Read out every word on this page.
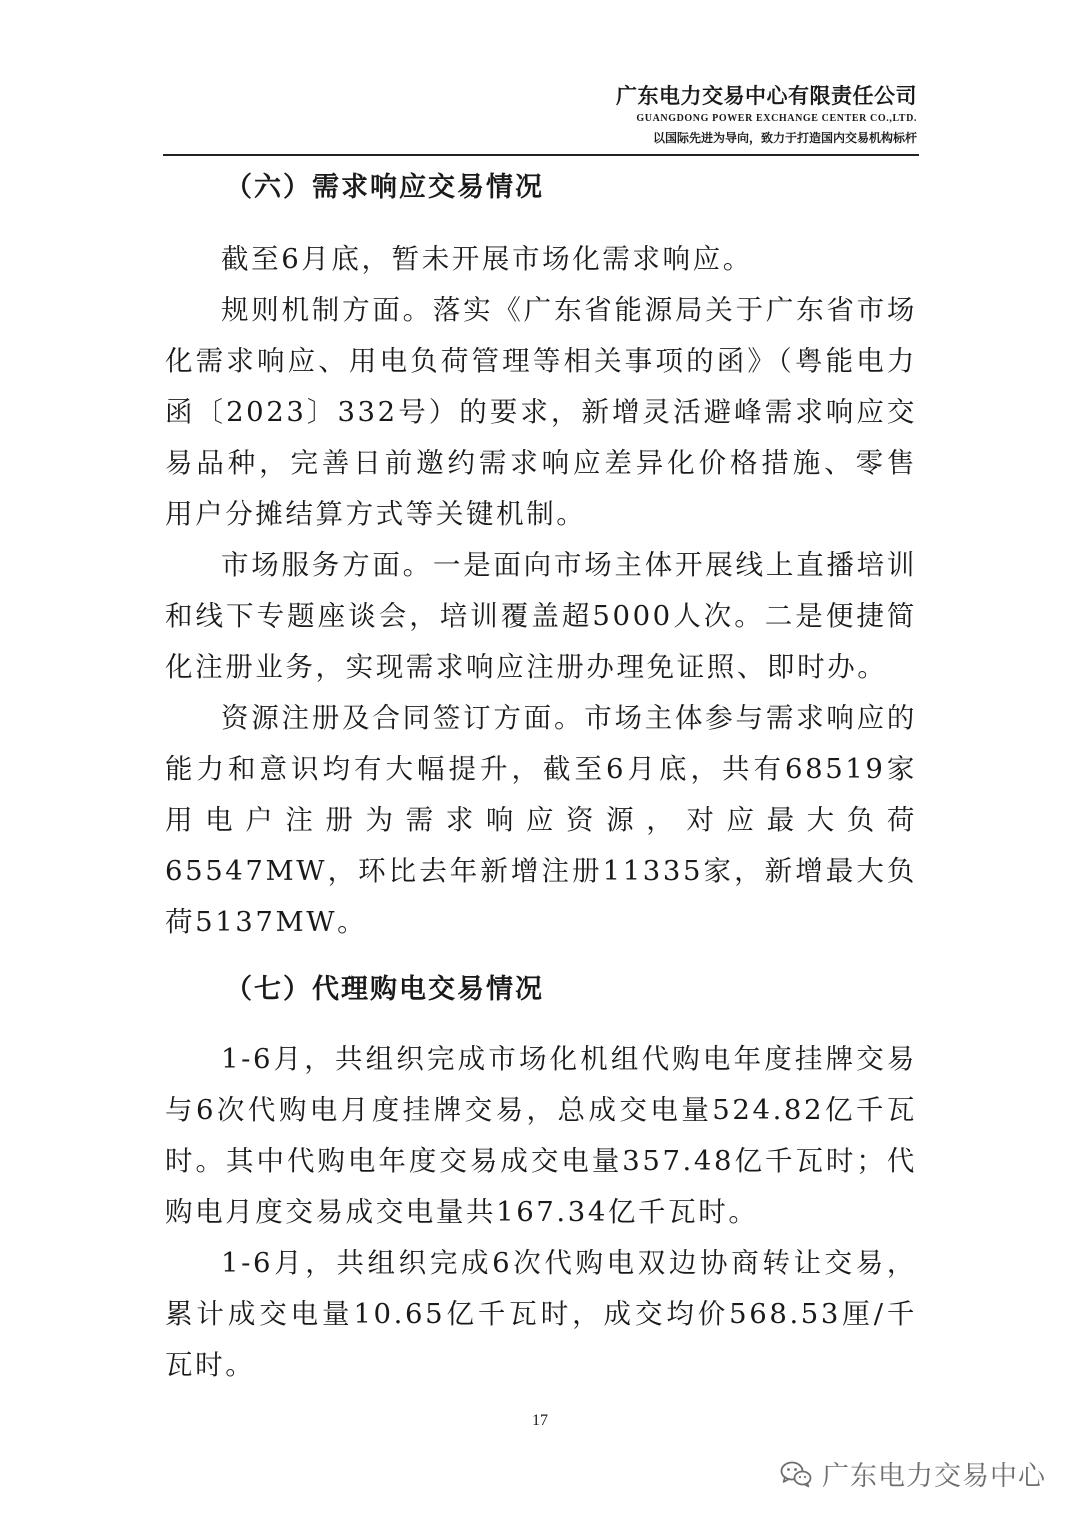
广东电力交易中心有限责任公司
GUANGDONG POWER EXCHANGE CENTER CO.,LTD.
以国际先进为导向，致力于打造国内交易机构标杆
（六）需求响应交易情况

截至6月底，暂未开展市场化需求响应。

规则机制方面。落实《广东省能源局关于广东省市场化需求响应、用电负荷管理等相关事项的函》（粤能电力函〔2023〕332号）的要求，新增灵活避峰需求响应交易品种，完善日前邀约需求响应差异化价格措施、零售用户分摊结算方式等关键机制。

市场服务方面。一是面向市场主体开展线上直播培训和线下专题座谈会，培训覆盖超5000人次。二是便捷简化注册业务，实现需求响应注册办理免证照、即时办。

资源注册及合同签订方面。市场主体参与需求响应的能力和意识均有大幅提升，截至6月底，共有68519家用电户注册为需求响应资源，对应最大负荷65547MW，环比去年新增注册11335家，新增最大负荷5137MW。

（七）代理购电交易情况

1-6月，共组织完成市场化机组代购电年度挂牌交易与6次代购电月度挂牌交易，总成交电量524.82亿千瓦时。其中代购电年度交易成交电量357.48亿千瓦时；代购电月度交易成交电量共167.34亿千瓦时。

1-6月，共组织完成6次代购电双边协商转让交易，累计成交电量10.65亿千瓦时，成交均价568.53厘/千瓦时。

17
广东电力交易中心
